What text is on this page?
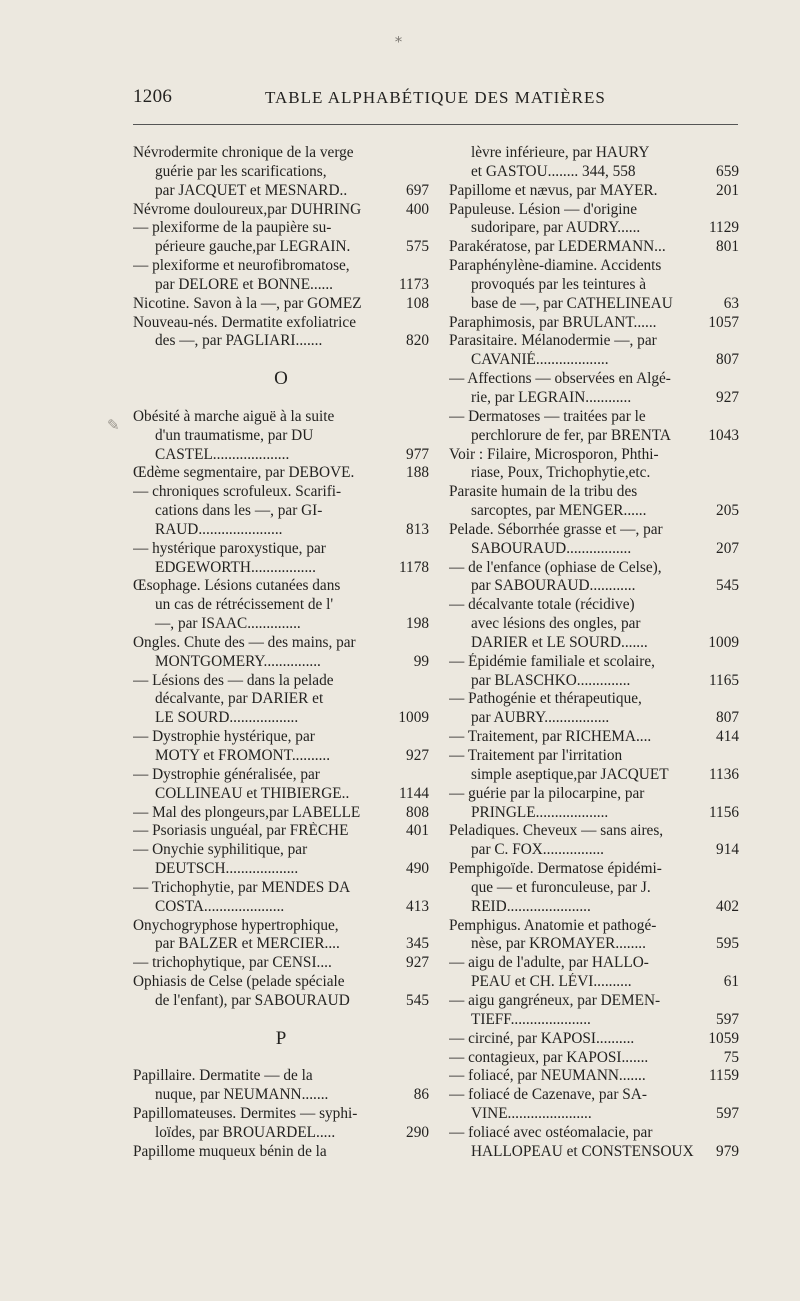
⁎
✎
1206	TABLE ALPHABÉTIQUE DES MATIÈRES
Névrodermite chronique de la verge
guérie par les scarifications,
par JACQUET et MESNARD..	697
Névrome douloureux,par DUHRING	400
— plexiforme de la paupière su-
périeure gauche,par LEGRAIN.	575
— plexiforme et neurofibromatose,
par DELORE et BONNE......	1173
Nicotine. Savon à la —, par GOMEZ	108
Nouveau-nés. Dermatite exfoliatrice
des —, par PAGLIARI.......	820
O
Obésité à marche aiguë à la suite
d'un traumatisme, par DU
CASTEL....................	977
Œdème segmentaire, par DEBOVE.	188
— chroniques scrofuleux. Scarifi-
cations dans les —, par GI-
RAUD......................	813
— hystérique paroxystique, par
EDGEWORTH.................	1178
Œsophage. Lésions cutanées dans
un cas de rétrécissement de l'
—, par ISAAC..............	198
Ongles. Chute des — des mains, par
MONTGOMERY...............	99
— Lésions des — dans la pelade
décalvante, par DARIER et
LE SOURD..................	1009
— Dystrophie hystérique, par
MOTY et FROMONT..........	927
— Dystrophie généralisée, par
COLLINEAU et THIBIERGE..	1144
— Mal des plongeurs,par LABELLE	808
— Psoriasis unguéal, par FRÈCHE	401
— Onychie syphilitique, par
DEUTSCH...................	490
— Trichophytie, par MENDES DA
COSTA.....................	413
Onychogryphose hypertrophique,
par BALZER et MERCIER....	345
— trichophytique, par CENSI....	927
Ophiasis de Celse (pelade spéciale
de l'enfant), par SABOURAUD	545
P
Papillaire. Dermatite — de la
nuque, par NEUMANN.......	86
Papillomateuses. Dermites — syphi-
loïdes, par BROUARDEL.....	290
Papillome muqueux bénin de la
lèvre inférieure, par HAURY
et GASTOU........ 344, 558	659
Papillome et nævus, par MAYER.	201
Papuleuse. Lésion — d'origine
sudoripare, par AUDRY......	1129
Parakératose, par LEDERMANN...	801
Paraphénylène-diamine. Accidents
provoqués par les teintures à
base de —, par CATHELINEAU	63
Paraphimosis, par BRULANT......	1057
Parasitaire. Mélanodermie —, par
CAVANIÉ...................	807
— Affections — observées en Algé-
rie, par LEGRAIN............	927
— Dermatoses — traitées par le
perchlorure de fer, par BRENTA 1043
Voir : Filaire, Microsporon, Phthi-
riase, Poux, Trichophytie,etc.
Parasite humain de la tribu des
sarcoptes, par MENGER......	205
Pelade. Séborrhée grasse et —, par
SABOURAUD.................	207
— de l'enfance (ophiase de Celse),
par SABOURAUD............	545
— décalvante totale (récidive)
avec lésions des ongles, par
DARIER et LE SOURD.......	1009
— Épidémie familiale et scolaire,
par BLASCHKO..............	1165
— Pathogénie et thérapeutique,
par AUBRY.................	807
— Traitement, par RICHEMA....	414
— Traitement par l'irritation
simple aseptique,par JACQUET	1136
— guérie par la pilocarpine, par
PRINGLE...................	1156
Peladiques. Cheveux — sans aires,
par C. FOX................	914
Pemphigoïde. Dermatose épidémi-
que — et furonculeuse, par J.
REID......................	402
Pemphigus. Anatomie et pathogé-
nèse, par KROMAYER........	595
— aigu de l'adulte, par HALLO-
PEAU et CH. LÉVI..........	61
— aigu gangréneux, par DEMEN-
TIEFF.....................	597
— circiné, par KAPOSI..........	1059
— contagieux, par KAPOSI.......	75
— foliacé, par NEUMANN.......	1159
— foliacé de Cazenave, par SA-
VINE......................	597
— foliacé avec ostéomalacie, par
HALLOPEAU et CONSTENSOUX 979
